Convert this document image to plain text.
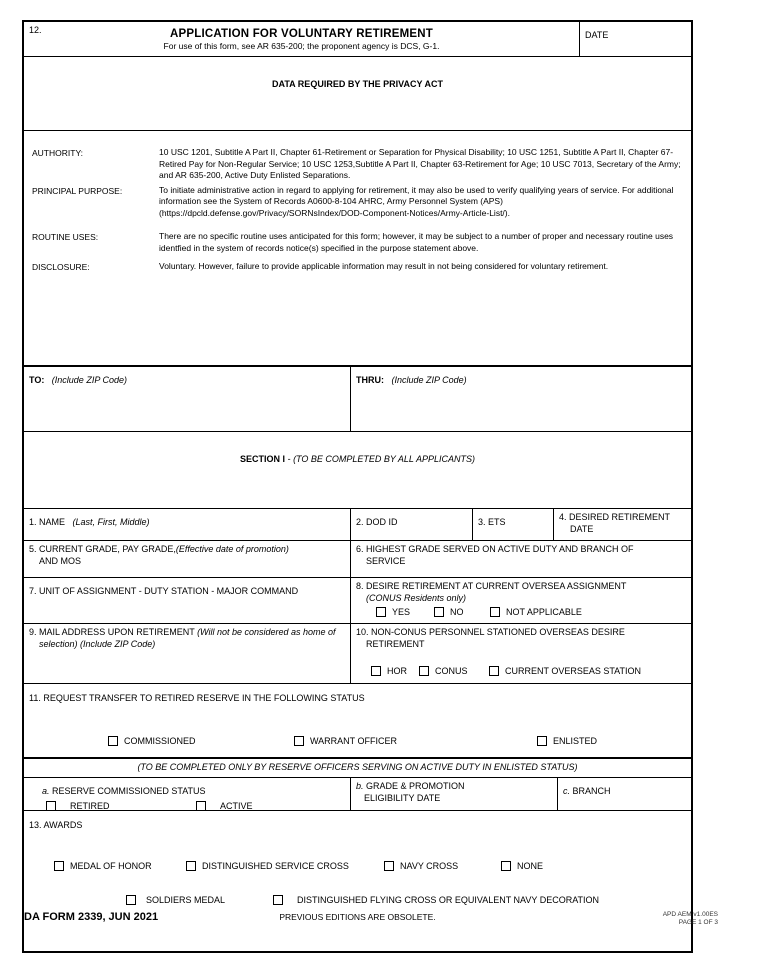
APPLICATION FOR VOLUNTARY RETIREMENT
For use of this form, see AR 635-200; the proponent agency is DCS, G-1.
DATE
DATA REQUIRED BY THE PRIVACY ACT
AUTHORITY:	10 USC 1201, Subtitle A Part II, Chapter 61-Retirement or Separation for Physical Disability; 10 USC 1251, Subtitle A Part II, Chapter 67-Retired Pay for Non-Regular Service; 10 USC 1253,Subtitle A Part II, Chapter 63-Retirement for Age; 10 USC 7013, Secretary of the Army; and AR 635-200, Active Duty Enlisted Separations.
PRINCIPAL PURPOSE:	To initiate administrative action in regard to applying for retirement, it may also be used to verify qualifying years of service. For additional information see the System of Records A0600-8-104 AHRC, Army Personnel System (APS) (https://dpcld.defense.gov/Privacy/SORNsIndex/DOD-Component-Notices/Army-Article-List/).
ROUTINE USES:	There are no specific routine uses anticipated for this form; however, it may be subject to a number of proper and necessary routine uses identfied in the system of records notice(s) specified in the purpose statement above.
DISCLOSURE:	Voluntary. However, failure to provide applicable information may result in not being considered for voluntary retirement.
TO: (Include ZIP Code)	THRU: (Include ZIP Code)
SECTION I - (TO BE COMPLETED BY ALL APPLICANTS)
1. NAME (Last, First, Middle)	2. DOD ID	3. ETS	4. DESIRED RETIREMENT DATE
5. CURRENT GRADE, PAY GRADE,(Effective date of promotion)
AND MOS
6. HIGHEST GRADE SERVED ON ACTIVE DUTY AND BRANCH OF SERVICE
7. UNIT OF ASSIGNMENT - DUTY STATION - MAJOR COMMAND	8. DESIRE RETIREMENT AT CURRENT OVERSEA ASSIGNMENT
(CONUS Residents only)
YES	NO	NOT APPLICABLE
9. MAIL ADDRESS UPON RETIREMENT (Will not be considered as home of selection) (Include ZIP Code)
10. NON-CONUS PERSONNEL STATIONED OVERSEAS DESIRE RETIREMENT
HOR	CONUS	CURRENT OVERSEAS STATION
11. REQUEST TRANSFER TO RETIRED RESERVE IN THE FOLLOWING STATUS
COMMISSIONED	WARRANT OFFICER	ENLISTED
12.
(TO BE COMPLETED ONLY BY RESERVE OFFICERS SERVING ON ACTIVE DUTY IN ENLISTED STATUS)
a. RESERVE COMMISSIONED STATUS
RETIRED	ACTIVE
b. GRADE & PROMOTION ELIGIBILITY DATE
c. BRANCH
13. AWARDS
MEDAL OF HONOR	DISTINGUISHED SERVICE CROSS	NAVY CROSS	NONE
SOLDIERS MEDAL	DISTINGUISHED FLYING CROSS OR EQUIVALENT NAVY DECORATION
DA FORM 2339, JUN 2021	PREVIOUS EDITIONS ARE OBSOLETE.	APD AEM v1.00ES
PAGE 1 OF 3
